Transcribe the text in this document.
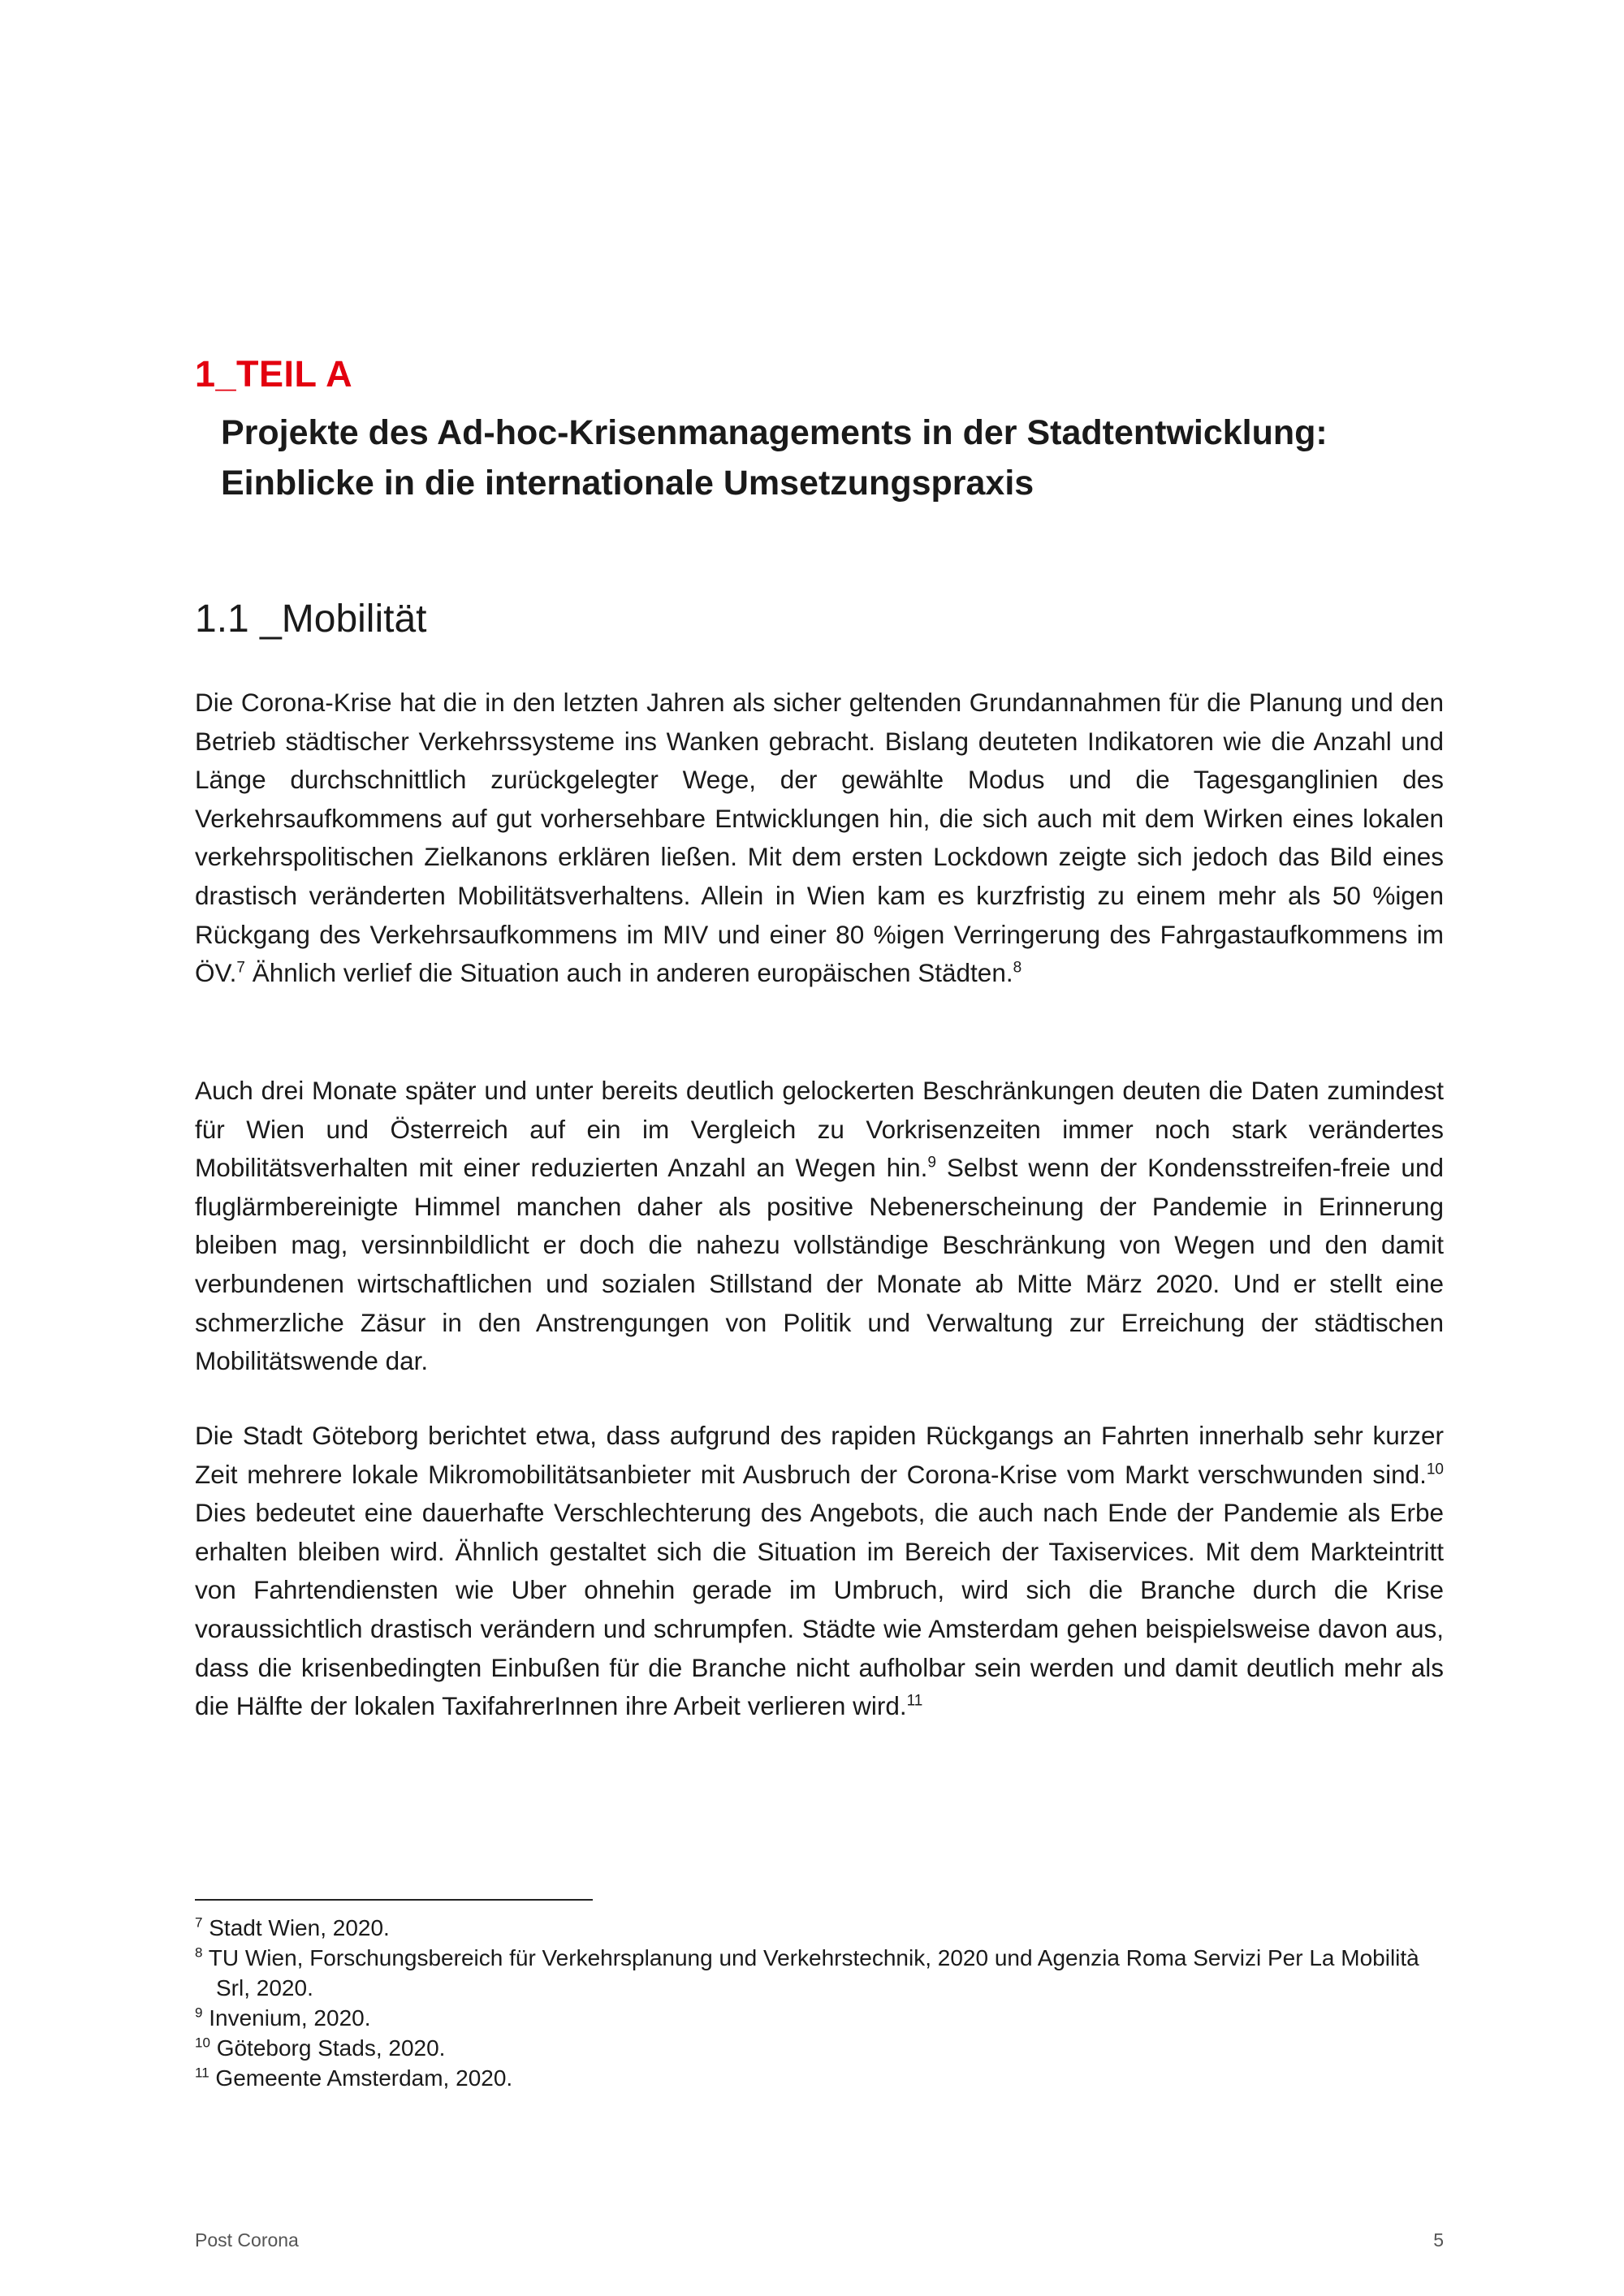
1_TEIL A
Projekte des Ad-hoc-Krisenmanagements in der Stadtentwicklung:
Einblicke in die internationale Umsetzungspraxis
1.1 _Mobilität

Die Corona-Krise hat die in den letzten Jahren als sicher geltenden Grundannahmen für die Planung und den Betrieb städtischer Verkehrssysteme ins Wanken gebracht. Bislang deuteten Indikatoren wie die Anzahl und Länge durchschnittlich zurückgelegter Wege, der gewählte Modus und die Tagesganglinien des Verkehrsaufkommens auf gut vorhersehbare Entwicklungen hin, die sich auch mit dem Wirken eines lokalen verkehrspolitischen Zielkanons erklären ließen. Mit dem ersten Lockdown zeigte sich jedoch das Bild eines drastisch veränderten Mobilitätsverhaltens. Allein in Wien kam es kurzfristig zu einem mehr als 50 %igen Rückgang des Verkehrsaufkommens im MIV und einer 80 %igen Verringerung des Fahrgastaufkommens im ÖV.$^7$ Ähnlich verlief die Situation auch in anderen europäischen Städten.$^8$

Auch drei Monate später und unter bereits deutlich gelockerten Beschränkungen deuten die Daten zumindest für Wien und Österreich auf ein im Vergleich zu Vorkrisenzeiten immer noch stark verändertes Mobilitätsverhalten mit einer reduzierten Anzahl an Wegen hin.$^9$ Selbst wenn der Kondensstreifen-freie und fluglärmbereinigte Himmel manchen daher als positive Nebenerscheinung der Pandemie in Erinnerung bleiben mag, versinnbildlicht er doch die nahezu vollständige Beschränkung von Wegen und den damit verbundenen wirtschaftlichen und sozialen Stillstand der Monate ab Mitte März 2020. Und er stellt eine schmerzliche Zäsur in den Anstrengungen von Politik und Verwaltung zur Erreichung der städtischen Mobilitätswende dar.

Die Stadt Göteborg berichtet etwa, dass aufgrund des rapiden Rückgangs an Fahrten innerhalb sehr kurzer Zeit mehrere lokale Mikromobilitätsanbieter mit Ausbruch der Corona-Krise vom Markt verschwunden sind.$^{10}$ Dies bedeutet eine dauerhafte Verschlechterung des Angebots, die auch nach Ende der Pandemie als Erbe erhalten bleiben wird. Ähnlich gestaltet sich die Situation im Bereich der Taxiservices. Mit dem Markteintritt von Fahrtendiensten wie Uber ohnehin gerade im Umbruch, wird sich die Branche durch die Krise voraussichtlich drastisch verändern und schrumpfen. Städte wie Amsterdam gehen beispielsweise davon aus, dass die krisenbedingten Einbußen für die Branche nicht aufholbar sein werden und damit deutlich mehr als die Hälfte der lokalen TaxifahrerInnen ihre Arbeit verlieren wird.$^{11}$

$^7$ Stadt Wien, 2020.
$^8$ TU Wien, Forschungsbereich für Verkehrsplanung und Verkehrstechnik, 2020 und Agenzia Roma Servizi Per La Mobilità Srl, 2020.
$^9$ Invenium, 2020.
$^{10}$ Göteborg Stads, 2020.
$^{11}$ Gemeente Amsterdam, 2020.
Post Corona	5
